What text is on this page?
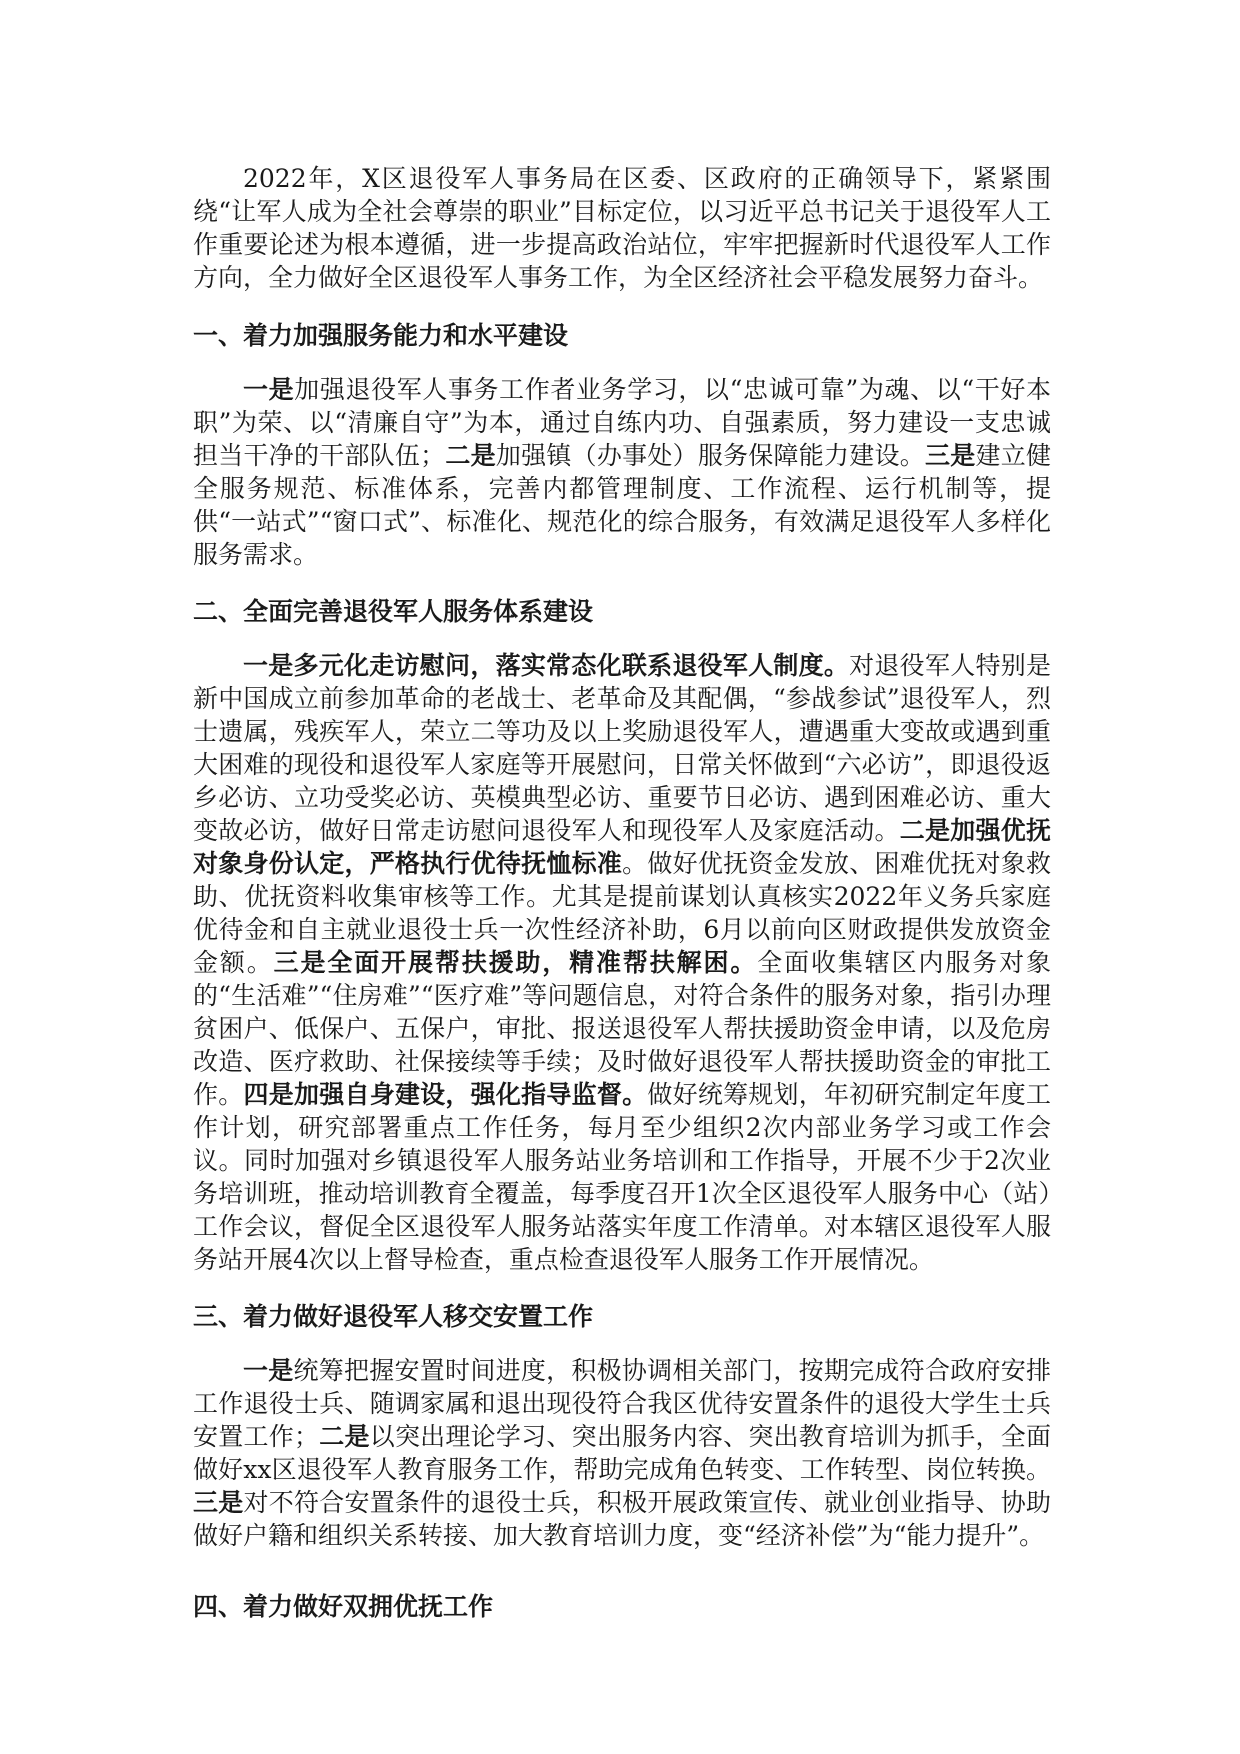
2022年，X区退役军人事务局在区委、区政府的正确领导下，紧紧围绕“让军人成为全社会尊崇的职业”目标定位，以习近平总书记关于退役军人工作重要论述为根本遵循，进一步提高政治站位，牢牢把握新时代退役军人工作方向，全力做好全区退役军人事务工作，为全区经济社会平稳发展努力奋斗。

一、着力加强服务能力和水平建设

一是加强退役军人事务工作者业务学习，以“忠诚可靠”为魂、以“干好本职”为荣、以“清廉自守”为本，通过自练内功、自强素质，努力建设一支忠诚担当干净的干部队伍；二是加强镇（办事处）服务保障能力建设。三是建立健全服务规范、标准体系，完善内都管理制度、工作流程、运行机制等，提供“一站式”“窗口式”、标准化、规范化的综合服务，有效满足退役军人多样化服务需求。

二、全面完善退役军人服务体系建设

一是多元化走访慰问，落实常态化联系退役军人制度。对退役军人特别是新中国成立前参加革命的老战士、老革命及其配偶，“参战参试”退役军人，烈士遗属，残疾军人，荣立二等功及以上奖励退役军人，遭遇重大变故或遇到重大困难的现役和退役军人家庭等开展慰问，日常关怀做到“六必访”，即退役返乡必访、立功受奖必访、英模典型必访、重要节日必访、遇到困难必访、重大变故必访，做好日常走访慰问退役军人和现役军人及家庭活动。二是加强优抚对象身份认定，严格执行优待抚恤标准。做好优抚资金发放、困难优抚对象救助、优抚资料收集审核等工作。尤其是提前谋划认真核实2022年义务兵家庭优待金和自主就业退役士兵一次性经济补助，6月以前向区财政提供发放资金金额。三是全面开展帮扶援助，精准帮扶解困。全面收集辖区内服务对象的“生活难”“住房难”“医疗难”等问题信息，对符合条件的服务对象，指引办理贫困户、低保户、五保户，审批、报送退役军人帮扶援助资金申请，以及危房改造、医疗救助、社保接续等手续；及时做好退役军人帮扶援助资金的审批工作。四是加强自身建设，强化指导监督。做好统筹规划，年初研究制定年度工作计划，研究部署重点工作任务，每月至少组织2次内部业务学习或工作会议。同时加强对乡镇退役军人服务站业务培训和工作指导，开展不少于2次业务培训班，推动培训教育全覆盖，每季度召开1次全区退役军人服务中心（站）工作会议，督促全区退役军人服务站落实年度工作清单。对本辖区退役军人服务站开展4次以上督导检查，重点检查退役军人服务工作开展情况。

三、着力做好退役军人移交安置工作

一是统筹把握安置时间进度，积极协调相关部门，按期完成符合政府安排工作退役士兵、随调家属和退出现役符合我区优待安置条件的退役大学生士兵安置工作；二是以突出理论学习、突出服务内容、突出教育培训为抓手，全面做好xx区退役军人教育服务工作，帮助完成角色转变、工作转型、岗位转换。三是对不符合安置条件的退役士兵，积极开展政策宣传、就业创业指导、协助做好户籍和组织关系转接、加大教育培训力度，变“经济补偿”为“能力提升”。

四、着力做好双拥优抚工作
